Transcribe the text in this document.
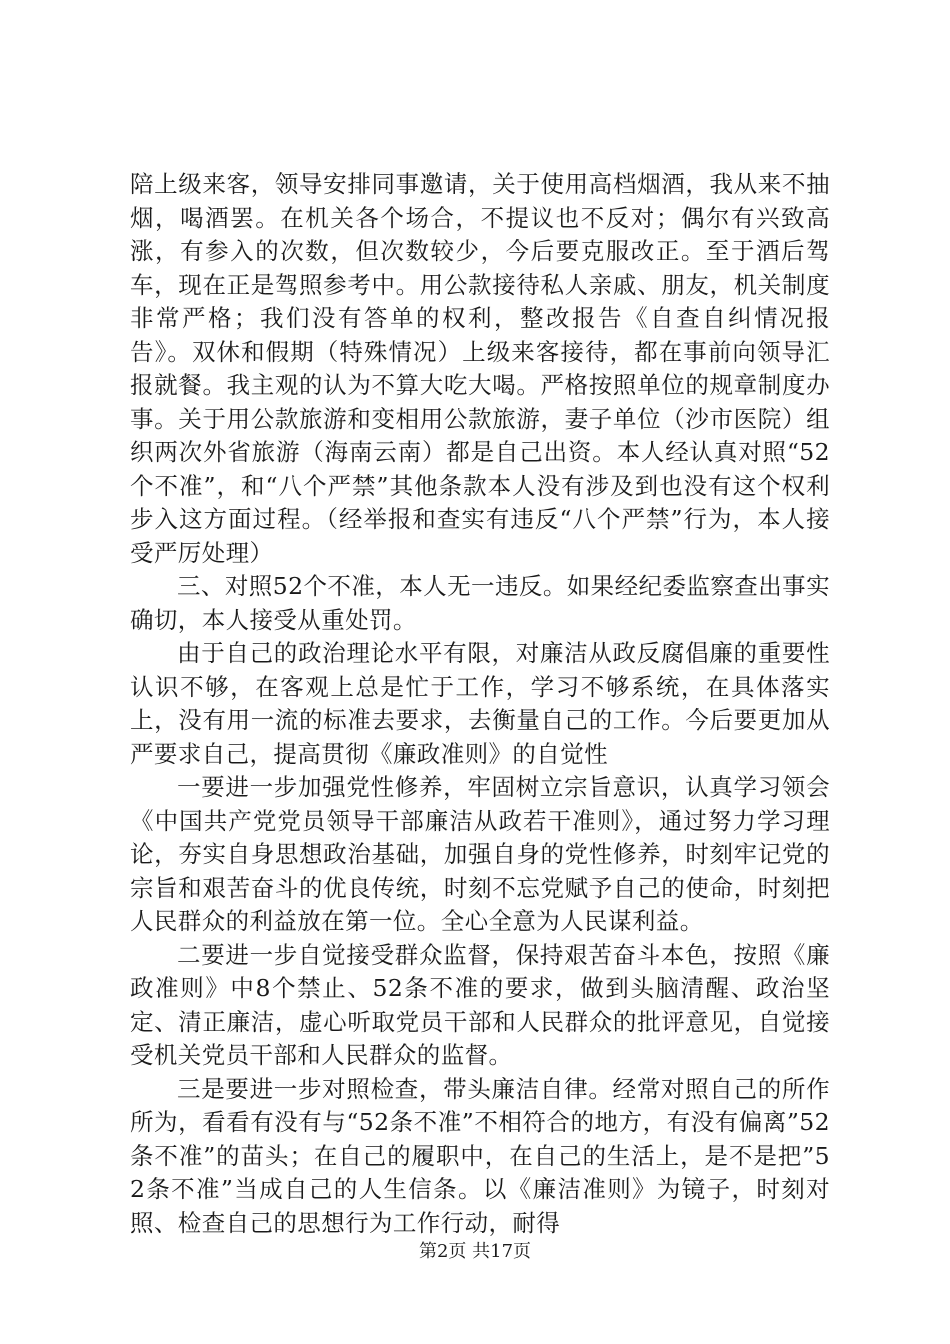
陪上级来客，领导安排同事邀请，关于使用高档烟酒，我从来不抽烟，喝酒罢。在机关各个场合，不提议也不反对；偶尔有兴致高涨，有参入的次数，但次数较少，今后要克服改正。至于酒后驾车，现在正是驾照参考中。用公款接待私人亲戚、朋友，机关制度非常严格；我们没有答单的权利，整改报告《自查自纠情况报告》。双休和假期（特殊情况）上级来客接待，都在事前向领导汇报就餐。我主观的认为不算大吃大喝。严格按照单位的规章制度办事。关于用公款旅游和变相用公款旅游，妻子单位（沙市医院）组织两次外省旅游（海南云南）都是自己出资。本人经认真对照“52个不准”，和“八个严禁”其他条款本人没有涉及到也没有这个权利步入这方面过程。（经举报和查实有违反“八个严禁”行为，本人接受严厉处理）

三、对照52个不准，本人无一违反。如果经纪委监察查出事实确切，本人接受从重处罚。

由于自己的政治理论水平有限，对廉洁从政反腐倡廉的重要性认识不够，在客观上总是忙于工作，学习不够系统，在具体落实上，没有用一流的标准去要求，去衡量自己的工作。今后要更加从严要求自己，提高贯彻《廉政准则》的自觉性

一要进一步加强党性修养，牢固树立宗旨意识，认真学习领会《中国共产党党员领导干部廉洁从政若干准则》，通过努力学习理论，夯实自身思想政治基础，加强自身的党性修养，时刻牢记党的宗旨和艰苦奋斗的优良传统，时刻不忘党赋予自己的使命，时刻把人民群众的利益放在第一位。全心全意为人民谋利益。

二要进一步自觉接受群众监督，保持艰苦奋斗本色，按照《廉政准则》中8个禁止、52条不准的要求，做到头脑清醒、政治坚定、清正廉洁，虚心听取党员干部和人民群众的批评意见，自觉接受机关党员干部和人民群众的监督。

三是要进一步对照检查，带头廉洁自律。经常对照自己的所作所为，看看有没有与“52条不准”不相符合的地方，有没有偏离”52条不准”的苗头；在自己的履职中，在自己的生活上，是不是把”52条不准”当成自己的人生信条。以《廉洁准则》为镜子，时刻对照、检查自己的思想行为工作行动，耐得

第2页 共17页
